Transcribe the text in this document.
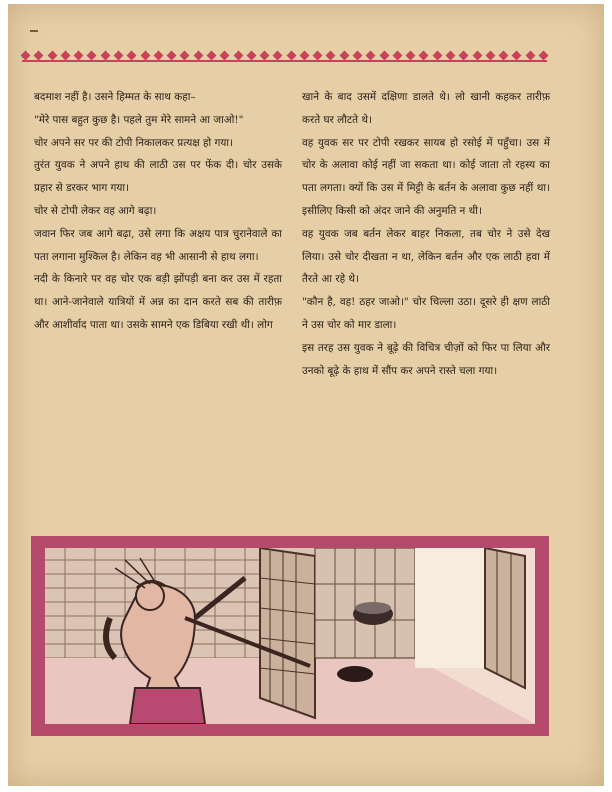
बदमाश नहीं है। उसने हिम्मत के साथ कहा–

"मेरे पास बहुत कुछ है। पहले तुम मेरे सामने आ जाओ!"

चोर अपने सर पर की टोपी निकालकर प्रत्यक्ष हो गया।

तुरंत युवक ने अपने हाथ की लाठी उस पर फेंक दी। चोर उसके प्रहार से डरकर भाग गया।

चोर से टोपी लेकर वह आगे बढ़ा।

जवान फिर जब आगे बढ़ा, उसे लगा कि अक्षय पात्र चुरानेवाले का पता लगाना मुश्किल है। लेकिन वह भी आसानी से हाथ लगा।

नदी के किनारे पर वह चोर एक बड़ी झोंपड़ी बना कर उस में रहता था। आने-जानेवाले यात्रियों में अन्न का दान करते सब की तारीफ़ और आशीर्वाद पाता था। उसके सामने एक डिबिया रखी थी। लोग

खाने के बाद उसमें दक्षिणा डालते थे। लो खानी कहकर तारीफ़ करते घर लौटते थे।

वह युवक सर पर टोपी रखकर सायब हो रसोई में पहुँचा। उस में चोर के अलावा कोई नहीं जा सकता था। कोई जाता तो रहस्य का पता लगता। क्यों कि उस में मिट्टी के बर्तन के अलावा कुछ नहीं था। इसीलिए किसी को अंदर जाने की अनुमति न थी।

वह युवक जब बर्तन लेकर बाहर निकला, तब चोर ने उसे देख लिया। उसे चोर दीखता न था, लेकिन बर्तन और एक लाठी हवा में तैरते आ रहे थे।

"कौन है, वह! ठहर जाओ।" चोर चिल्ला उठा। दूसरे ही क्षण लाठी ने उस चोर को मार डाला।

इस तरह उस युवक ने बूढ़े की विचित्र चीज़ों को फिर पा लिया और उनको बूढ़े के हाथ में सौंप कर अपने रास्ते चला गया।
